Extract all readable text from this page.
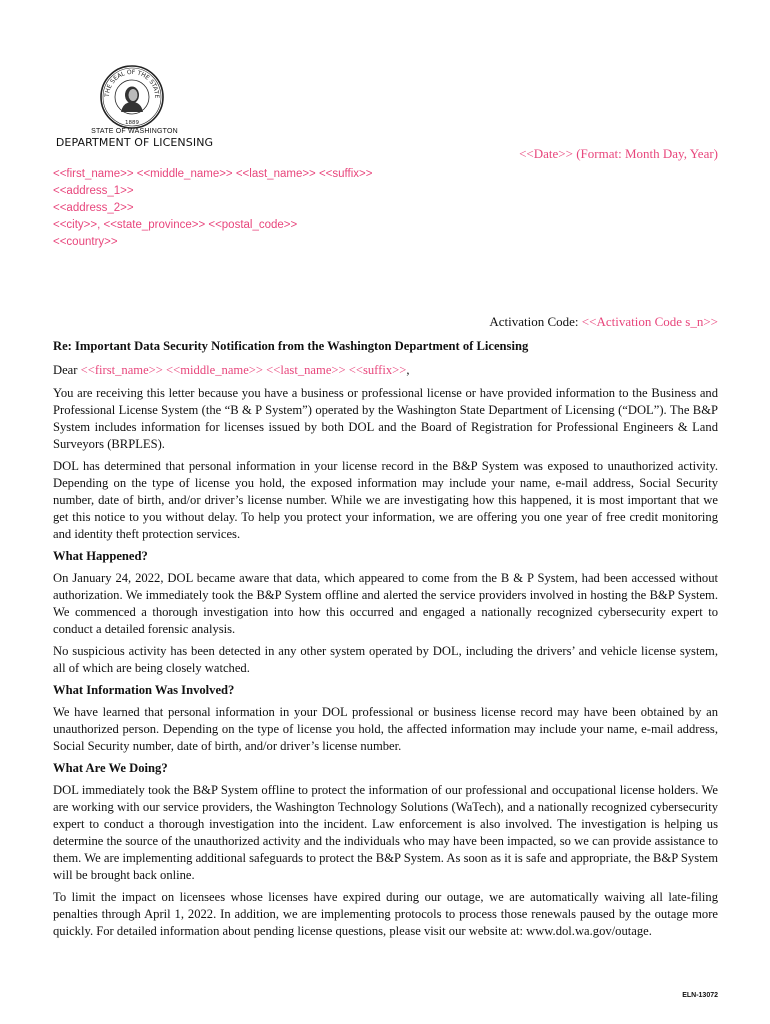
THE SEAL OF THE STATE
1889
STATE OF WASHINGTON
DEPARTMENT OF LICENSING
<<Date>> (Format: Month Day, Year)
<<first_name>> <<middle_name>> <<last_name>> <<suffix>>
<<address_1>>
<<address_2>>
<<city>>, <<state_province>> <<postal_code>>
<<country>>
Activation Code: <<Activation Code s_n>>
Re: Important Data Security Notification from the Washington Department of Licensing
Dear <<first_name>> <<middle_name>> <<last_name>> <<suffix>>,

You are receiving this letter because you have a business or professional license or have provided information to the Business and Professional License System (the “B & P System”) operated by the Washington State Department of Licensing (“DOL”). The B&P System includes information for licenses issued by both DOL and the Board of Registration for Professional Engineers & Land Surveyors (BRPLES).

DOL has determined that personal information in your license record in the B&P System was exposed to unauthorized activity. Depending on the type of license you hold, the exposed information may include your name, e-mail address, Social Security number, date of birth, and/or driver’s license number. While we are investigating how this happened, it is most important that we get this notice to you without delay. To help you protect your information, we are offering you one year of free credit monitoring and identity theft protection services.

What Happened?

On January 24, 2022, DOL became aware that data, which appeared to come from the B & P System, had been accessed without authorization. We immediately took the B&P System offline and alerted the service providers involved in hosting the B&P System. We commenced a thorough investigation into how this occurred and engaged a nationally recognized cybersecurity expert to conduct a detailed forensic analysis.

No suspicious activity has been detected in any other system operated by DOL, including the drivers’ and vehicle license system, all of which are being closely watched.

What Information Was Involved?

We have learned that personal information in your DOL professional or business license record may have been obtained by an unauthorized person. Depending on the type of license you hold, the affected information may include your name, e-mail address, Social Security number, date of birth, and/or driver’s license number.

What Are We Doing?

DOL immediately took the B&P System offline to protect the information of our professional and occupational license holders. We are working with our service providers, the Washington Technology Solutions (WaTech), and a nationally recognized cybersecurity expert to conduct a thorough investigation into the incident. Law enforcement is also involved. The investigation is helping us determine the source of the unauthorized activity and the individuals who may have been impacted, so we can provide assistance to them. We are implementing additional safeguards to protect the B&P System. As soon as it is safe and appropriate, the B&P System will be brought back online.

To limit the impact on licensees whose licenses have expired during our outage, we are automatically waiving all late-filing penalties through April 1, 2022. In addition, we are implementing protocols to process those renewals paused by the outage more quickly. For detailed information about pending license questions, please visit our website at: www.dol.wa.gov/outage.

ELN-13072
